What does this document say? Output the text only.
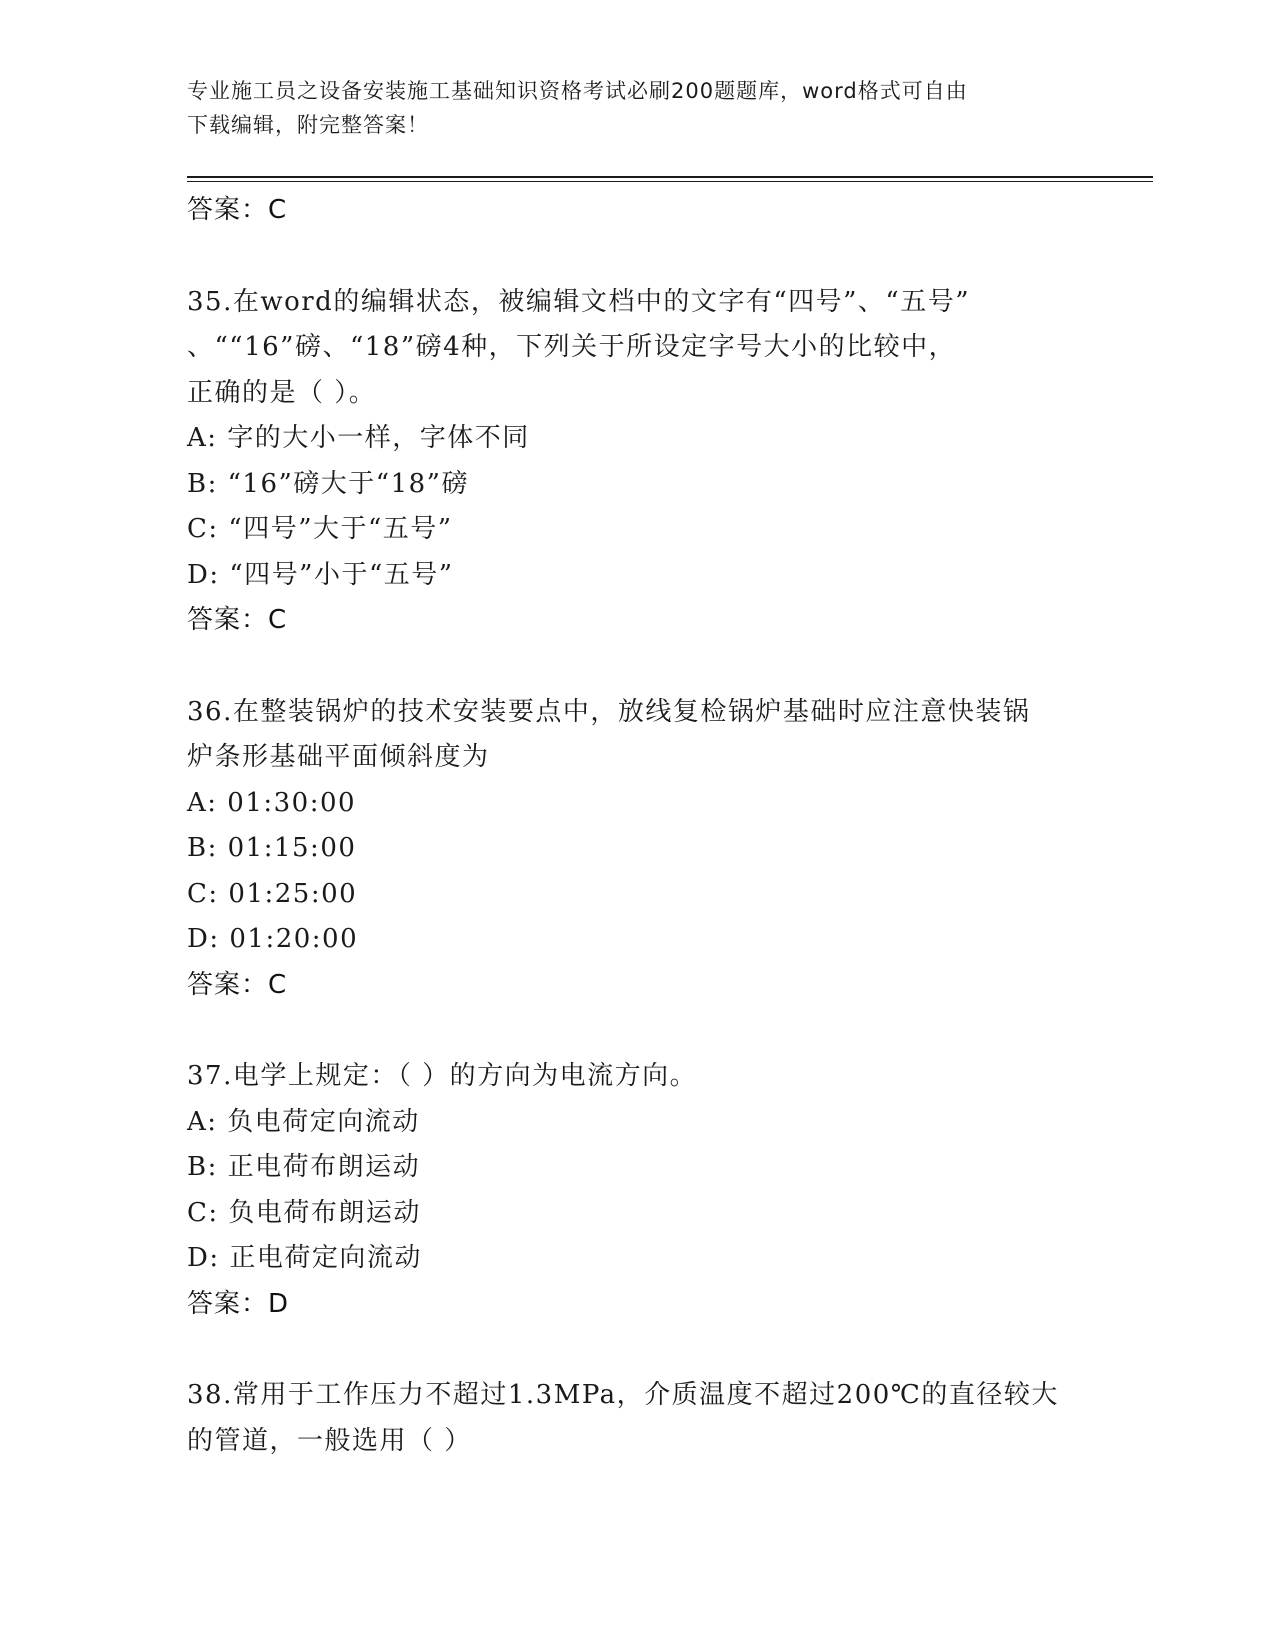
专业施工员之设备安装施工基础知识资格考试必刷200题题库，word格式可自由
下载编辑，附完整答案！
答案：C
35.在word的编辑状态，被编辑文档中的文字有“四号”、“五号”
、““16”磅、“18”磅4种，下列关于所设定字号大小的比较中，
正确的是（ ）。
A: 字的大小一样，字体不同
B: “16”磅大于“18”磅
C: “四号”大于“五号”
D: “四号”小于“五号”
答案：C
36.在整装锅炉的技术安装要点中，放线复检锅炉基础时应注意快装锅
炉条形基础平面倾斜度为
A: 01:30:00
B: 01:15:00
C: 01:25:00
D: 01:20:00
答案：C
37.电学上规定：（ ）的方向为电流方向。
A: 负电荷定向流动
B: 正电荷布朗运动
C: 负电荷布朗运动
D: 正电荷定向流动
答案：D
38.常用于工作压力不超过1.3MPa，介质温度不超过200℃的直径较大
的管道，一般选用（ ）
